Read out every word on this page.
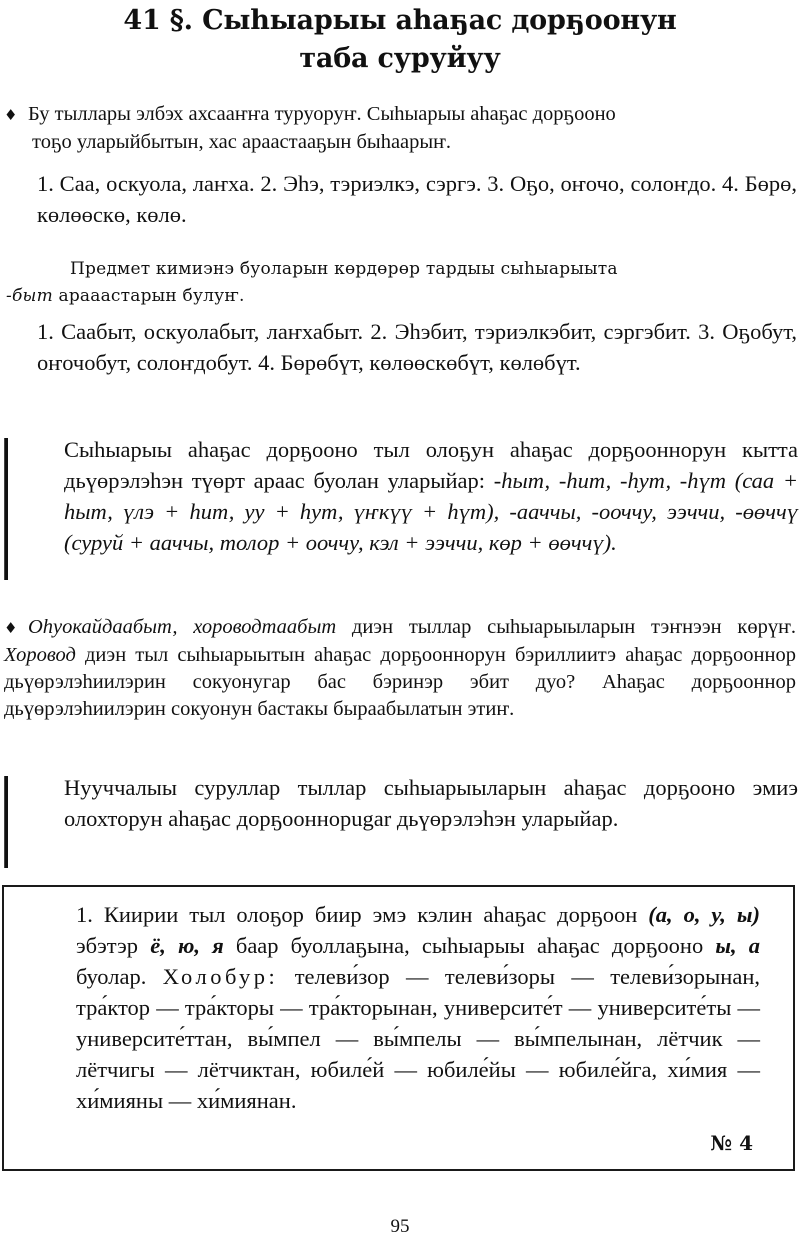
41 §. Сыһыарыы аһаҕас дорҕоонун
таба суруйуу
♦ Бу тыллары элбэх ахсааҥҥа туруоруҥ. Сыһыарыы аһаҕас дорҕооно
тоҕо уларыйбытын, хас араастааҕын быһаарыҥ.

1. Саа, оскуола, лаҥха. 2. Эһэ, тэриэлкэ, сэргэ. 3. Оҕо, оҥочо, солоҥдо. 4. Бөрө, көлөөскө, көлө.

Предмет кимиэнэ буоларын көрдөрөр тардыы сыһыарыыта

-быт арааастарын булуҥ.

1. Саабыт, оскуолабыт, лаҥхабыт. 2. Эһэбит, тэриэлкэбит, сэргэбит. 3. Оҕобут, оҥочобут, солоҥдобут. 4. Бөрөбүт, көлөөскөбүт, көлөбүт.

Сыһыарыы аһаҕас дорҕооно тыл олоҕун аһаҕас дорҕооннорун кытта дьүөрэлэһэн түөрт араас буолан уларыйар: -hыт, -hит, -hут, -hүт (саа + hыт, үлэ + hит, уу + hут, үҥкүү + hүт), -ааччы, -ооччу, ээччи, -өөччү (суруй + ааччы, толор + ооччу, кэл + ээччи, көр + өөччү).

♦ Оһуокайдаабыт, хороводтаабыт диэн тыллар сыһыарыыларын тэҥнээн көрүҥ. Хоровод диэн тыл сыһыарыытын аһаҕас дорҕооннорун бэриллиитэ аһаҕас дорҕооннор дьүөрэлэһиилэрин сокуонугар бас бэринэр эбит дуо? Аһаҕас дорҕооннор дьүөрэлэһиилэрин сокуонун бастакы быраабылатын этиҥ.

Нууччалыы суруллар тыллар сыһыарыыларын аһаҕас дорҕооно эмиэ олохторун аһаҕас дорҕооннорugar дьүөрэлэһэн уларыйар.

1. Киирии тыл олоҕор биир эмэ кэлин аһаҕас дорҕоон (а, о, у, ы) эбэтэр ё, ю, я баар буоллаҕына, сыһыарыы аһаҕас дорҕооно ы, а буолар. Холобур: телеви́зор — телеви́зоры — телеви́зорынан, тра́ктор — тра́кторы — тра́кторынан, университе́т — университе́ты — университе́ттан, вы́мпел — вы́мпелы — вы́мпелынан, лётчик — лётчигы — лётчиктан, юбиле́й — юбиле́йы — юбиле́йга, хи́мия — хи́мияны — хи́миянан.

№ 4
95
